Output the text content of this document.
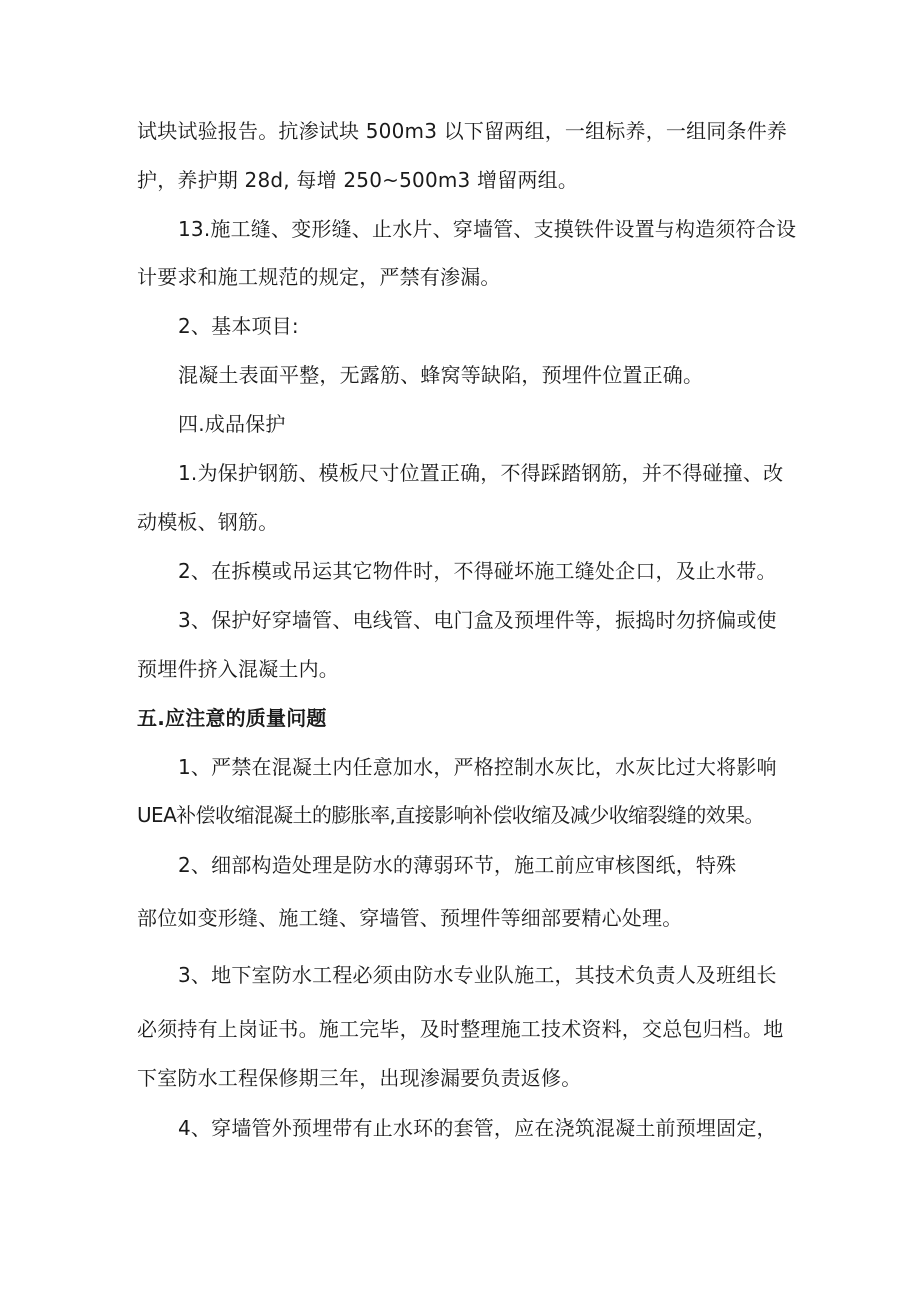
试块试验报告。抗渗试块 500m3 以下留两组，一组标养，一组同条件养
护，养护期 28d, 每增 250~500m3 增留两组。
13.施工缝、变形缝、止水片、穿墙管、支摸铁件设置与构造须符合设
计要求和施工规范的规定，严禁有渗漏。
2、基本项目:
混凝土表面平整，无露筋、蜂窝等缺陷，预埋件位置正确。
四.成品保护
1.为保护钢筋、模板尺寸位置正确，不得踩踏钢筋，并不得碰撞、改
动模板、钢筋。
2、在拆模或吊运其它物件时，不得碰坏施工缝处企口，及止水带。
3、保护好穿墙管、电线管、电门盒及预埋件等，振捣时勿挤偏或使
预埋件挤入混凝土内。
五.应注意的质量问题
1、严禁在混凝土内任意加水，严格控制水灰比，水灰比过大将影响
UEA补偿收缩混凝土的膨胀率,直接影响补偿收缩及减少收缩裂缝的效果。
2、细部构造处理是防水的薄弱环节，施工前应审核图纸，特殊
部位如变形缝、施工缝、穿墙管、预埋件等细部要精心处理。
3、地下室防水工程必须由防水专业队施工，其技术负责人及班组长
必须持有上岗证书。施工完毕，及时整理施工技术资料，交总包归档。地
下室防水工程保修期三年，出现渗漏要负责返修。
4、穿墙管外预埋带有止水环的套管，应在浇筑混凝土前预埋固定，
